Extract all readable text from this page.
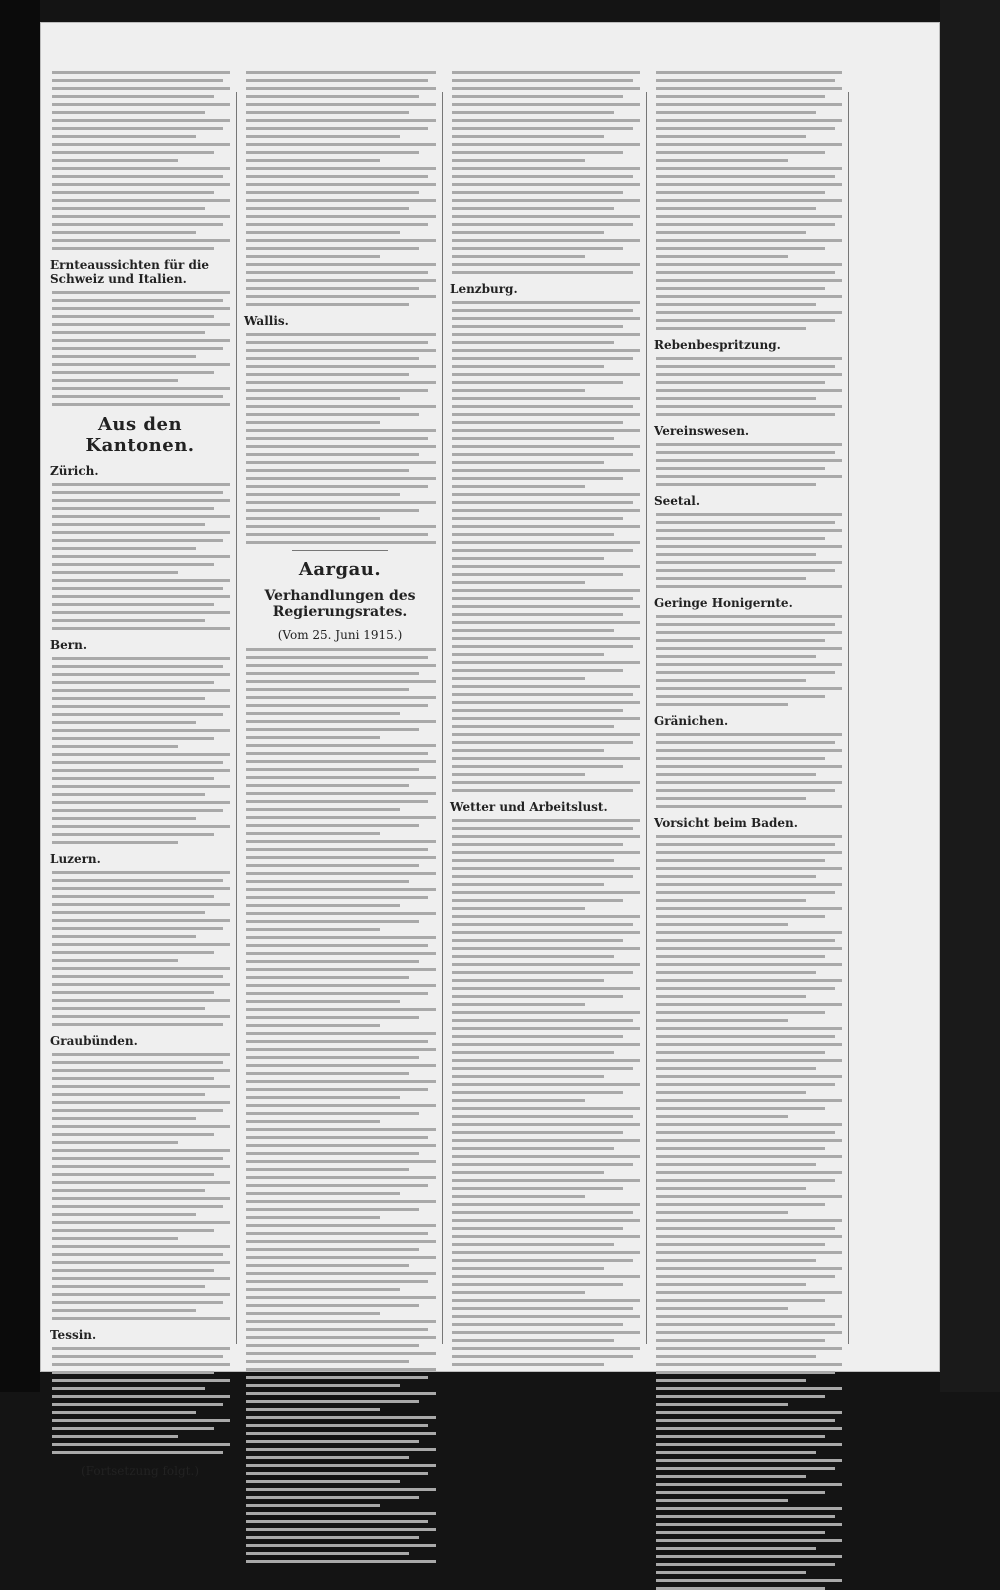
Ernteaussichten für die Schweiz und Italien.
Aus den Kantonen.
Zürich.
Bern.
Luzern.
Graubünden.
Tessin.
(Fortsetzung folgt.)
Wallis.
Aargau.
Verhandlungen des Regierungsrates.
(Vom 25. Juni 1915.)
Lenzburg.
Wetter und Arbeitslust.
Rebenbespritzung.
Vereinswesen.
Seetal.
Geringe Honigernte.
Gränichen.
Vorsicht beim Baden.
